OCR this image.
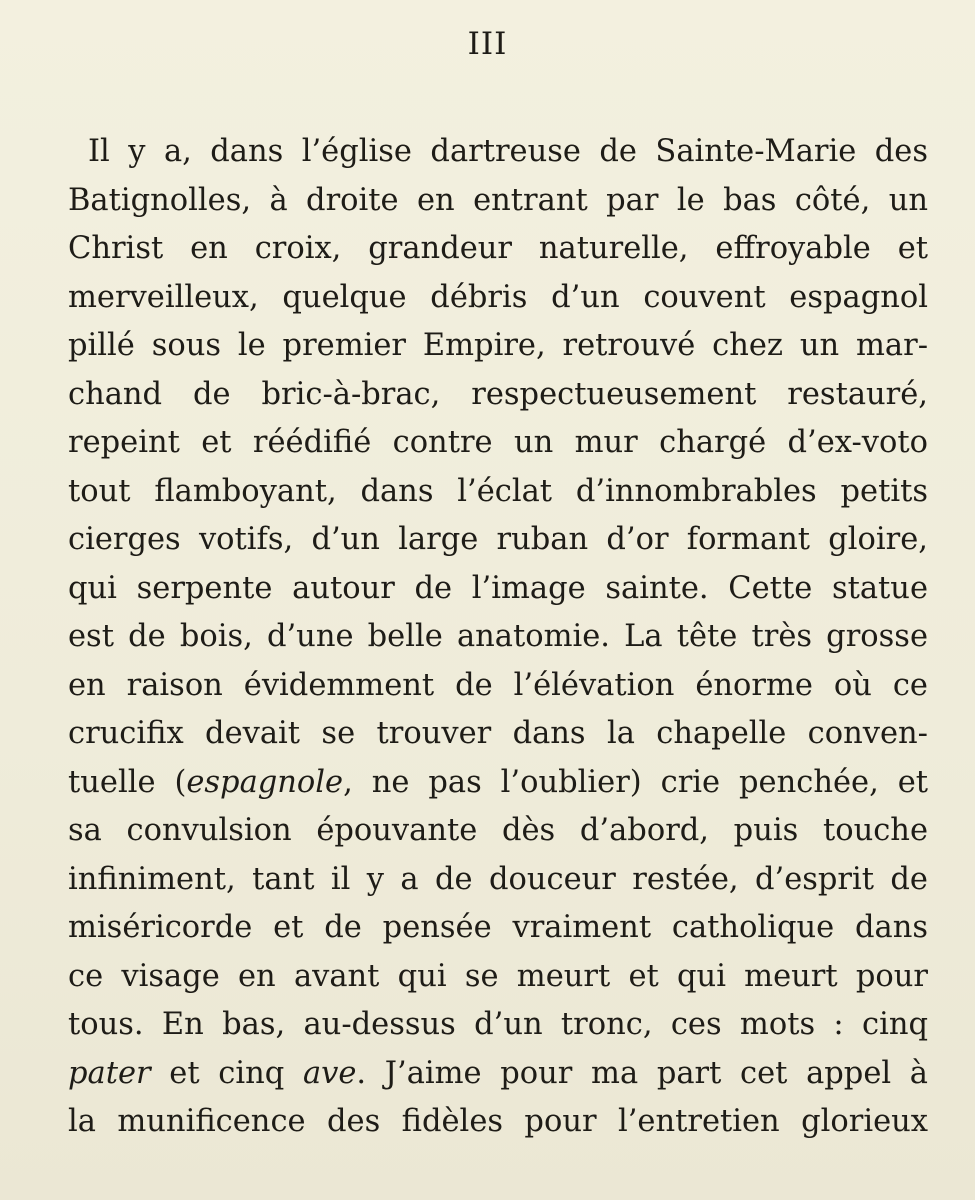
III
Il y a, dans l’église dartreuse de Sainte-Marie des
Batignolles, à droite en entrant par le bas côté, un
Christ en croix, grandeur naturelle, effroyable et
merveilleux, quelque débris d’un couvent espagnol
pillé sous le premier Empire, retrouvé chez un mar-
chand de bric-à-brac, respectueusement restauré,
repeint et réédifié contre un mur chargé d’ex-voto
tout flamboyant, dans l’éclat d’innombrables petits
cierges votifs, d’un large ruban d’or formant gloire,
qui serpente autour de l’image sainte. Cette statue
est de bois, d’une belle anatomie. La tête très grosse
en raison évidemment de l’élévation énorme où ce
crucifix devait se trouver dans la chapelle conven-
tuelle (espagnole, ne pas l’oublier) crie penchée, et
sa convulsion épouvante dès d’abord, puis touche
infiniment, tant il y a de douceur restée, d’esprit de
miséricorde et de pensée vraiment catholique dans
ce visage en avant qui se meurt et qui meurt pour
tous. En bas, au-dessus d’un tronc, ces mots : cinq
pater et cinq ave. J’aime pour ma part cet appel à
la munificence des fidèles pour l’entretien glorieux
